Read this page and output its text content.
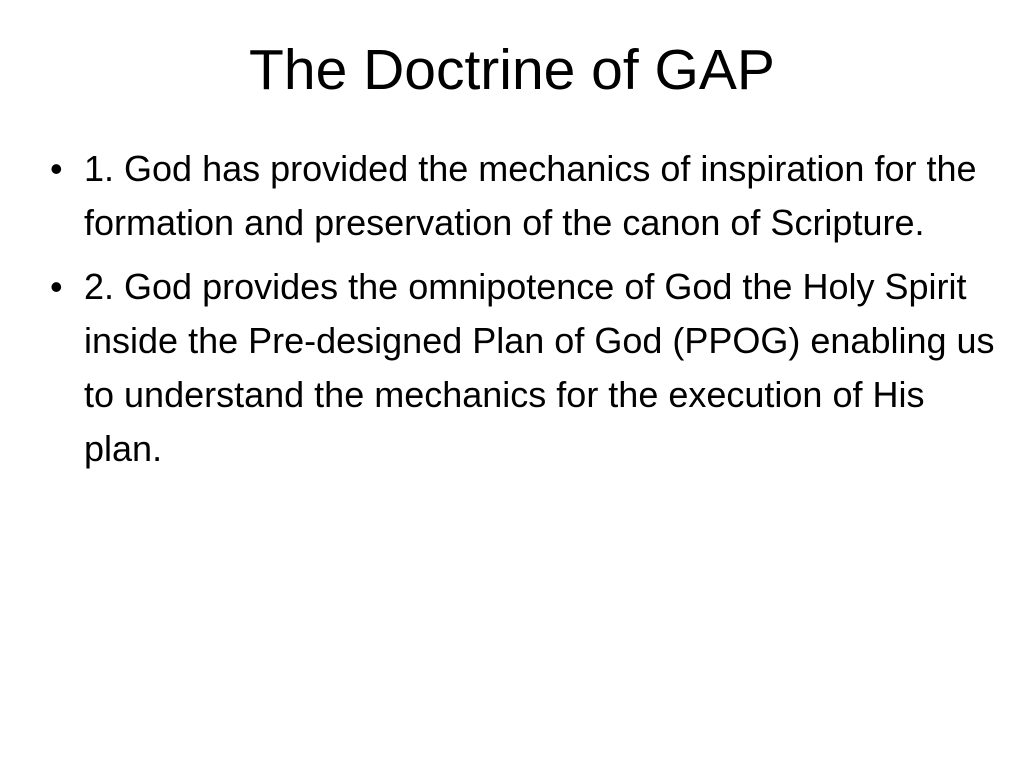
The Doctrine of GAP
• 1. God has provided the mechanics of inspiration for the formation and preservation of the canon of Scripture.
• 2. God provides the omnipotence of God the Holy Spirit inside the Pre-designed Plan of God (PPOG) enabling us to understand the mechanics for the execution of His plan.
